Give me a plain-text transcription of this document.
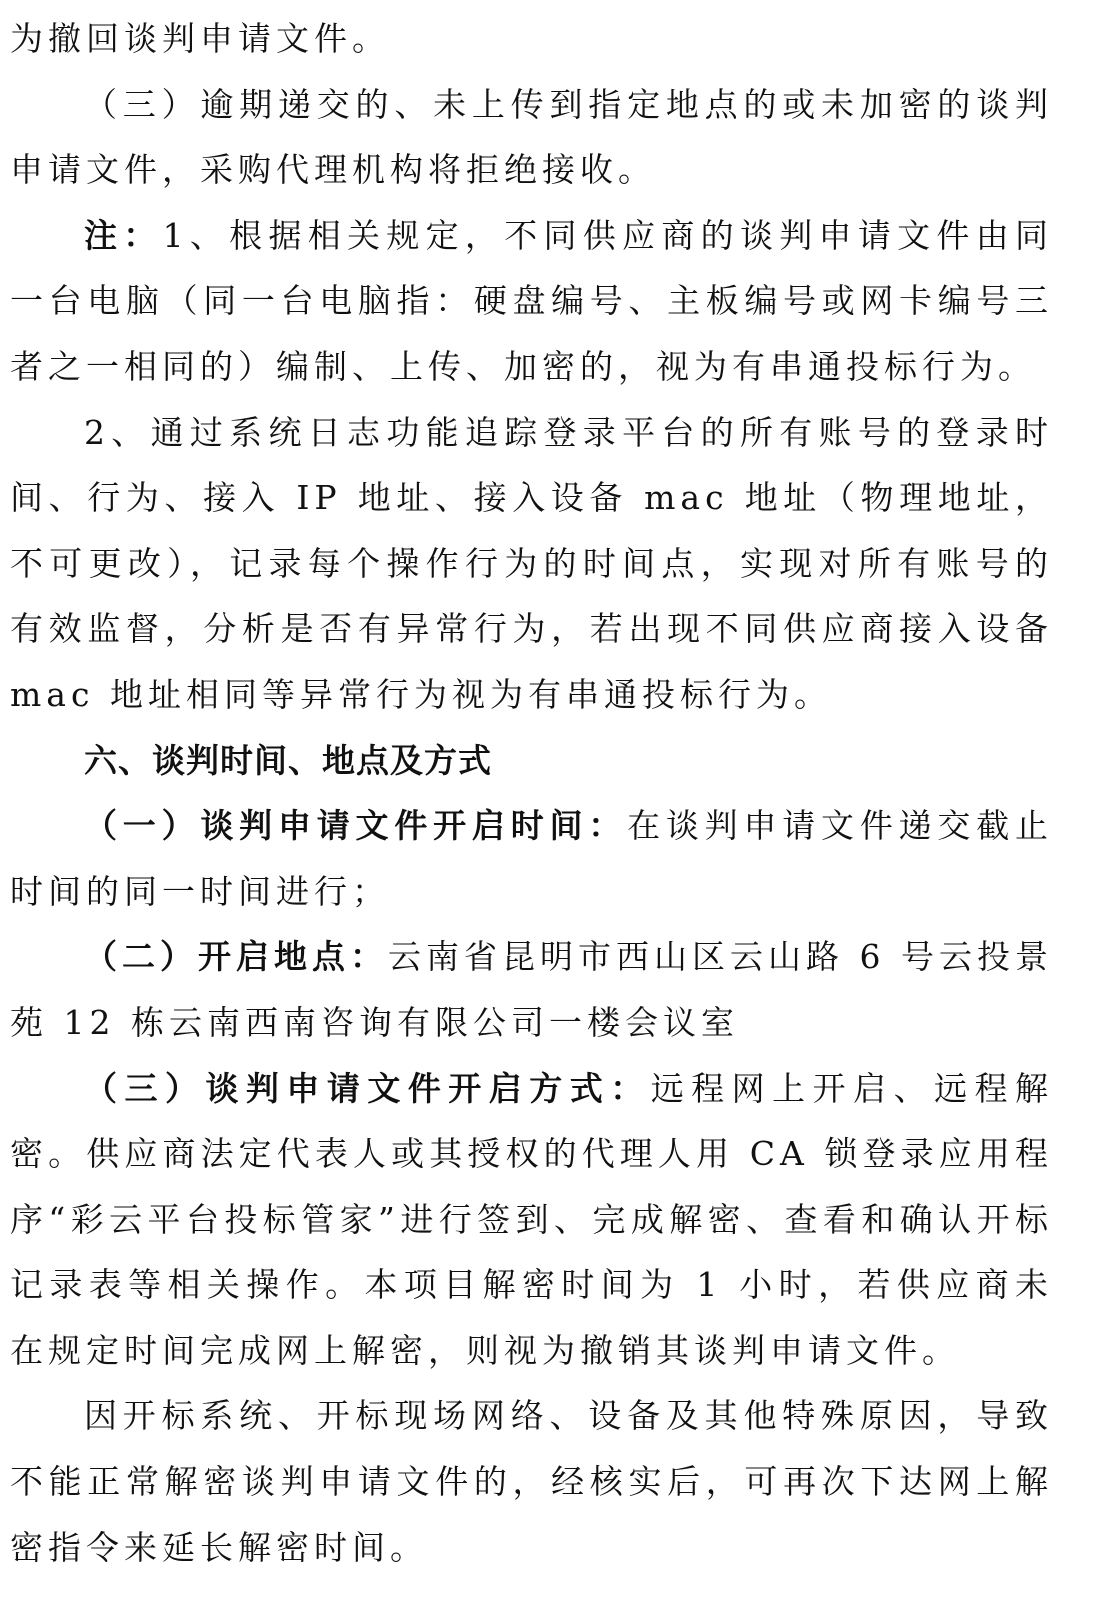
为撤回谈判申请文件。

（三）逾期递交的、未上传到指定地点的或未加密的谈判申请文件，采购代理机构将拒绝接收。

注：1、根据相关规定，不同供应商的谈判申请文件由同一台电脑（同一台电脑指：硬盘编号、主板编号或网卡编号三者之一相同的）编制、上传、加密的，视为有串通投标行为。

2、通过系统日志功能追踪登录平台的所有账号的登录时间、行为、接入 IP 地址、接入设备 mac 地址（物理地址，不可更改），记录每个操作行为的时间点，实现对所有账号的有效监督，分析是否有异常行为，若出现不同供应商接入设备 mac 地址相同等异常行为视为有串通投标行为。

六、谈判时间、地点及方式

（一）谈判申请文件开启时间：在谈判申请文件递交截止时间的同一时间进行；

（二）开启地点：云南省昆明市西山区云山路 6 号云投景苑 12 栋云南西南咨询有限公司一楼会议室

（三）谈判申请文件开启方式：远程网上开启、远程解密。供应商法定代表人或其授权的代理人用 CA 锁登录应用程序“彩云平台投标管家”进行签到、完成解密、查看和确认开标记录表等相关操作。本项目解密时间为 1 小时，若供应商未在规定时间完成网上解密，则视为撤销其谈判申请文件。

因开标系统、开标现场网络、设备及其他特殊原因，导致不能正常解密谈判申请文件的，经核实后，可再次下达网上解密指令来延长解密时间。
